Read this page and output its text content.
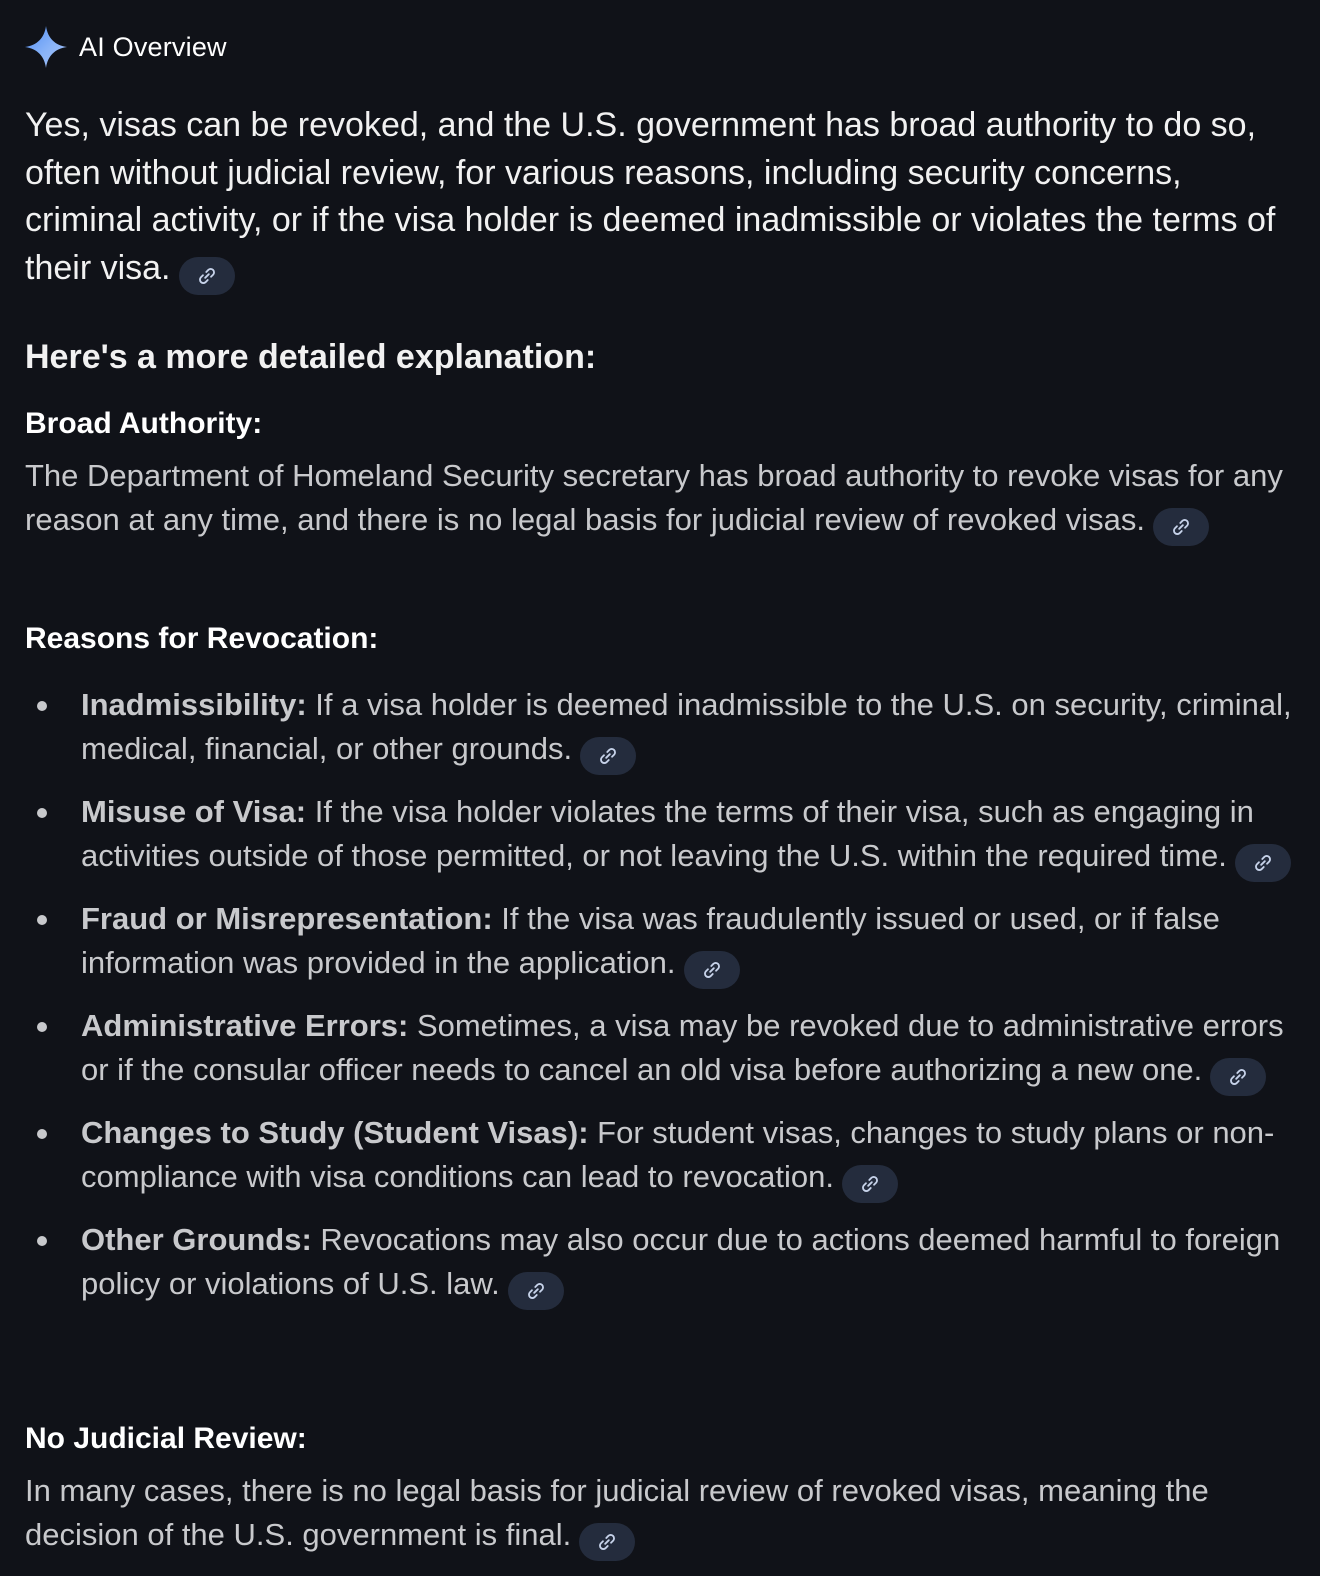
AI Overview
Yes, visas can be revoked, and the U.S. government has broad authority to do so, often without judicial review, for various reasons, including security concerns, criminal activity, or if the visa holder is deemed inadmissible or violates the terms of their visa.
Here's a more detailed explanation:
Broad Authority:
The Department of Homeland Security secretary has broad authority to revoke visas for any reason at any time, and there is no legal basis for judicial review of revoked visas.
Reasons for Revocation:
Inadmissibility: If a visa holder is deemed inadmissible to the U.S. on security, criminal, medical, financial, or other grounds.
Misuse of Visa: If the visa holder violates the terms of their visa, such as engaging in activities outside of those permitted, or not leaving the U.S. within the required time.
Fraud or Misrepresentation: If the visa was fraudulently issued or used, or if false information was provided in the application.
Administrative Errors: Sometimes, a visa may be revoked due to administrative errors or if the consular officer needs to cancel an old visa before authorizing a new one.
Changes to Study (Student Visas): For student visas, changes to study plans or non-compliance with visa conditions can lead to revocation.
Other Grounds: Revocations may also occur due to actions deemed harmful to foreign policy or violations of U.S. law.
No Judicial Review:
In many cases, there is no legal basis for judicial review of revoked visas, meaning the decision of the U.S. government is final.
